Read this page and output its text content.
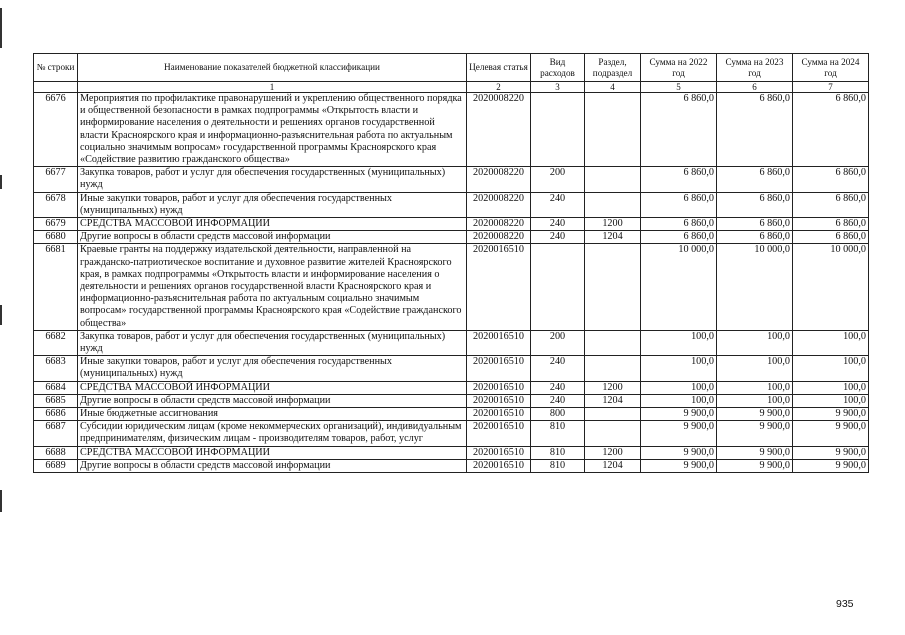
№ строки	Наименование показателей бюджетной классификации	Целевая статья	Вид расходов	Раздел, подраздел	Сумма на 2022 год	Сумма на 2023 год	Сумма на 2024 год
	1	2	3	4	5	6	7
6676	Мероприятия по профилактике правонарушений и укреплению общественного порядка и общественной безопасности в рамках подпрограммы «Открытость власти и информирование населения о деятельности и решениях органов государственной власти Красноярского края и информационно-разъяснительная работа по актуальным социально значимым вопросам» государственной программы Красноярского края «Содействие развитию гражданского общества»	2020008220			6 860,0	6 860,0	6 860,0
6677	Закупка товаров, работ и услуг для обеспечения государственных (муниципальных) нужд	2020008220	200		6 860,0	6 860,0	6 860,0
6678	Иные закупки товаров, работ и услуг для обеспечения государственных (муниципальных) нужд	2020008220	240		6 860,0	6 860,0	6 860,0
6679	СРЕДСТВА МАССОВОЙ ИНФОРМАЦИИ	2020008220	240	1200	6 860,0	6 860,0	6 860,0
6680	Другие вопросы в области средств массовой информации	2020008220	240	1204	6 860,0	6 860,0	6 860,0
6681	Краевые гранты на поддержку издательской деятельности, направленной на гражданско-патриотическое воспитание и духовное развитие жителей Красноярского края, в рамках подпрограммы «Открытость власти и информирование населения о деятельности и решениях органов государственной власти Красноярского края и информационно-разъяснительная работа по актуальным социально значимым вопросам» государственной программы Красноярского края «Содействие гражданского общества»	2020016510			10 000,0	10 000,0	10 000,0
6682	Закупка товаров, работ и услуг для обеспечения государственных (муниципальных) нужд	2020016510	200		100,0	100,0	100,0
6683	Иные закупки товаров, работ и услуг для обеспечения государственных (муниципальных) нужд	2020016510	240		100,0	100,0	100,0
6684	СРЕДСТВА МАССОВОЙ ИНФОРМАЦИИ	2020016510	240	1200	100,0	100,0	100,0
6685	Другие вопросы в области средств массовой информации	2020016510	240	1204	100,0	100,0	100,0
6686	Иные бюджетные ассигнования	2020016510	800		9 900,0	9 900,0	9 900,0
6687	Субсидии юридическим лицам (кроме некоммерческих организаций), индивидуальным предпринимателям, физическим лицам - производителям товаров, работ, услуг	2020016510	810		9 900,0	9 900,0	9 900,0
6688	СРЕДСТВА МАССОВОЙ ИНФОРМАЦИИ	2020016510	810	1200	9 900,0	9 900,0	9 900,0
6689	Другие вопросы в области средств массовой информации	2020016510	810	1204	9 900,0	9 900,0	9 900,0
935
